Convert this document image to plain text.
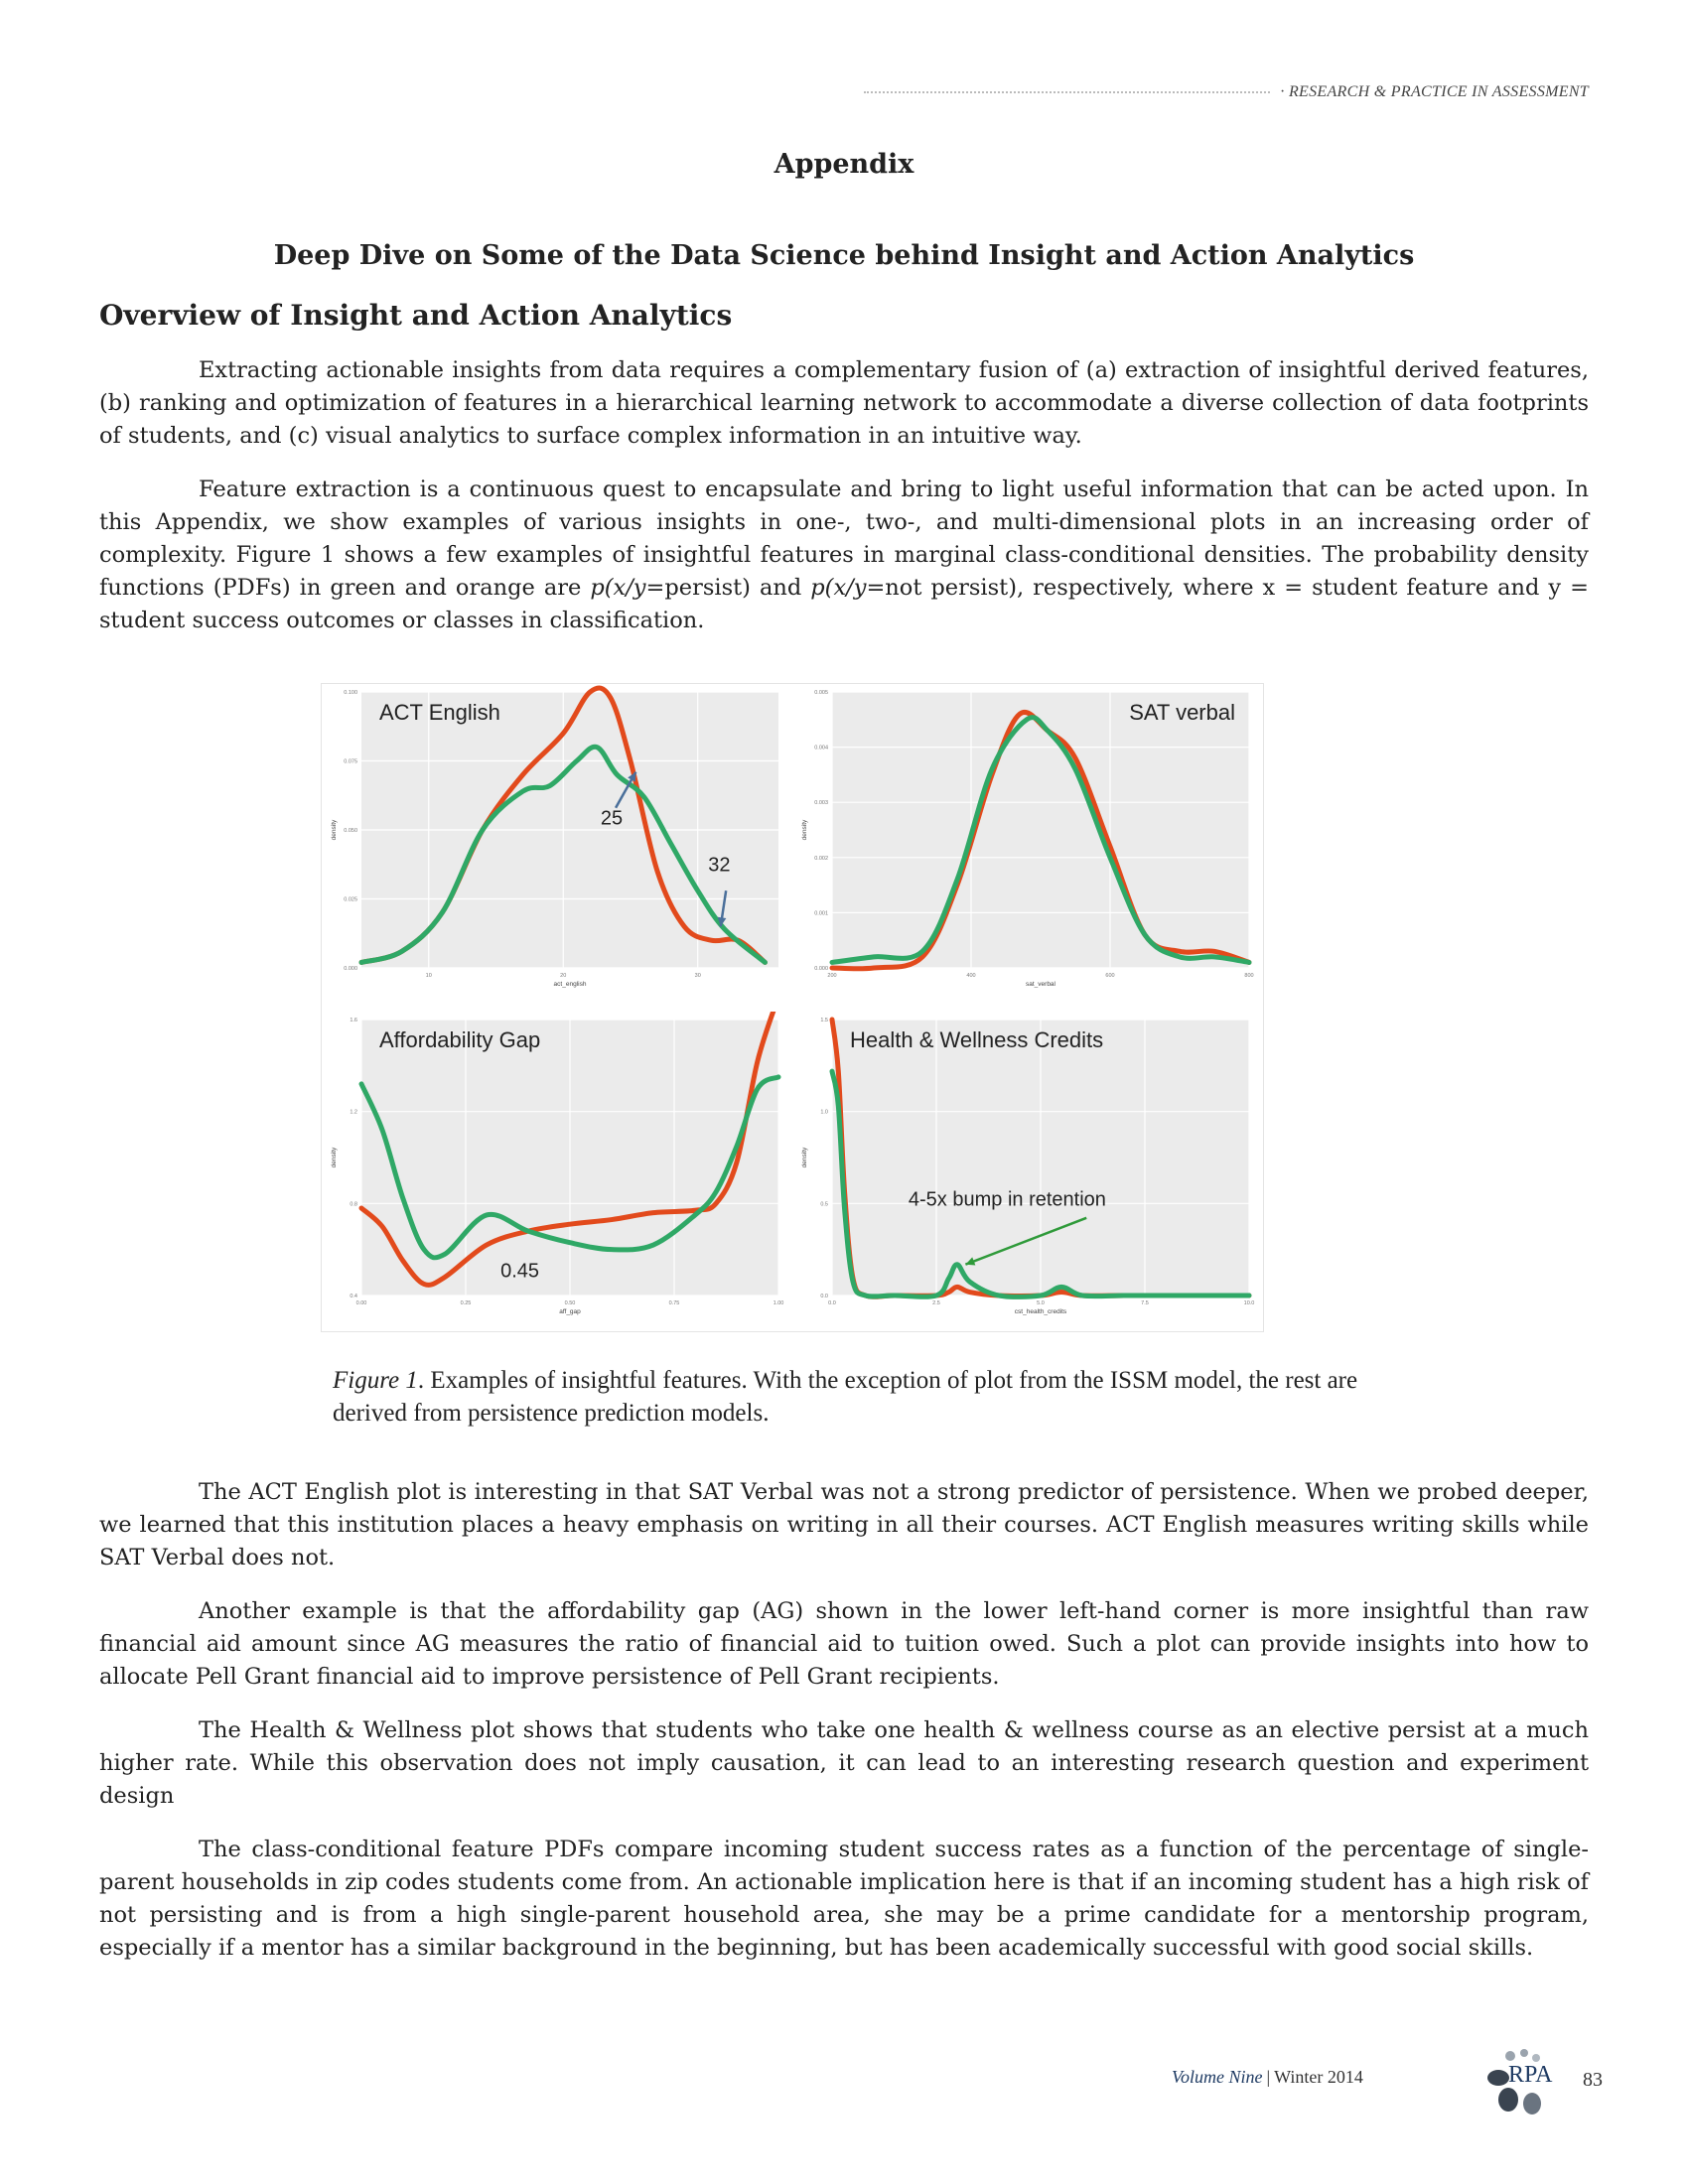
· RESEARCH & PRACTICE IN ASSESSMENT
Appendix
Deep Dive on Some of the Data Science behind Insight and Action Analytics
Overview of Insight and Action Analytics

Extracting actionable insights from data requires a complementary fusion of (a) extraction of insightful derived features, (b) ranking and optimization of features in a hierarchical learning network to accommodate a diverse collection of data footprints of students, and (c) visual analytics to surface complex information in an intuitive way.

Feature extraction is a continuous quest to encapsulate and bring to light useful information that can be acted upon. In this Appendix, we show examples of various insights in one-, two-, and multi-dimensional plots in an increasing order of complexity. Figure 1 shows a few examples of insightful features in marginal class-conditional densities. The probability density functions (PDFs) in green and orange are p(x/y=persist) and p(x/y=not persist), respectively, where x = student feature and y = student success outcomes or classes in classification.

0.000
0.025
0.050
0.075
0.100
10	20	30
act_english
density
ACT English
25
32
0.000
0.001
0.002
0.003
0.004
0.005
200	400	600	800
sat_verbal
density
SAT verbal
0.4
0.8
1.2
1.6
0.00	0.25	0.50	0.75	1.00
aff_gap
density
Affordability Gap
0.45
0.0
0.5
1.0
1.5
0.0	2.5	5.0	7.5	10.0
cst_health_credits
density
Health & Wellness Credits
4-5x bump in retention
Figure 1. Examples of insightful features. With the exception of plot from the ISSM model, the rest are derived from persistence prediction models.

The ACT English plot is interesting in that SAT Verbal was not a strong predictor of persistence. When we probed deeper, we learned that this institution places a heavy emphasis on writing in all their courses. ACT English measures writing skills while SAT Verbal does not.

Another example is that the affordability gap (AG) shown in the lower left-hand corner is more insightful than raw financial aid amount since AG measures the ratio of financial aid to tuition owed. Such a plot can provide insights into how to allocate Pell Grant financial aid to improve persistence of Pell Grant recipients.

The Health & Wellness plot shows that students who take one health & wellness course as an elective persist at a much higher rate. While this observation does not imply causation, it can lead to an interesting research question and experiment design

The class-conditional feature PDFs compare incoming student success rates as a function of the percentage of single-parent households in zip codes students come from. An actionable implication here is that if an incoming student has a high risk of not persisting and is from a high single-parent household area, she may be a prime candidate for a mentorship program, especially if a mentor has a similar background in the beginning, but has been academically successful with good social skills.

Volume Nine | Winter 2014	RPA 83
